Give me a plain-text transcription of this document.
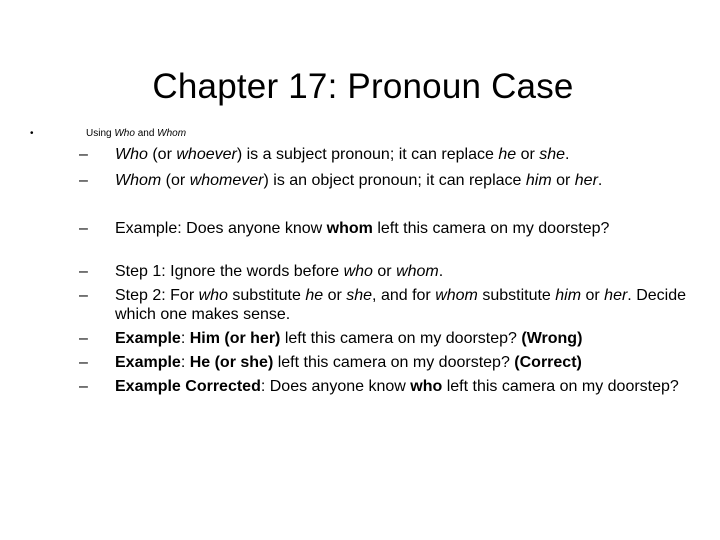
Chapter 17: Pronoun Case
•	Using Who and Whom
– Who (or whoever) is a subject pronoun; it can replace he or she.
– Whom (or whomever) is an object pronoun; it can replace him or her.
– Example: Does anyone know whom left this camera on my doorstep?
– Step 1: Ignore the words before who or whom.
– Step 2: For who substitute he or she, and for whom substitute him or her. Decide which one makes sense.
– Example: Him (or her) left this camera on my doorstep? (Wrong)
– Example: He (or she) left this camera on my doorstep? (Correct)
– Example Corrected: Does anyone know who left this camera on my doorstep?
